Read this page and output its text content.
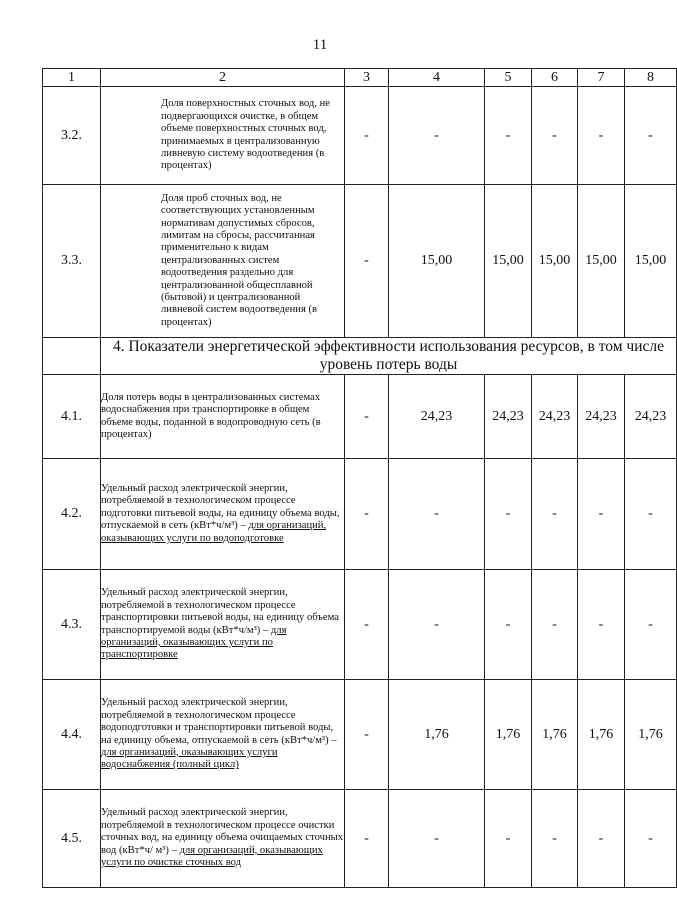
11
1	2	3	4	5	6	7	8
3.2.	Доля поверхностных сточных вод, не подвергающихся очистке, в общем объеме поверхностных сточных вод, принимаемых в централизованную ливневую систему водоотведения (в процентах)	-	-	-	-	-	-
3.3.	Доля проб сточных вод, не соответствующих установленным нормативам допустимых сбросов, лимитам на сбросы, рассчитанная применительно к видам централизованных систем водоотведения раздельно для централизованной общесплавной (бытовой) и централизованной ливневой систем водоотведения (в процентах)	-	15,00	15,00	15,00	15,00	15,00
	4. Показатели энергетической эффективности использования ресурсов, в том числе уровень потерь воды						
4.1.	Доля потерь воды в централизованных системах водоснабжения при транспортировке в общем объеме воды, поданной в водопроводную сеть (в процентах)	-	24,23	24,23	24,23	24,23	24,23
4.2.	Удельный расход электрической энергии, потребляемой в технологическом процессе подготовки питьевой воды, на единицу объема воды, отпускаемой в сеть (кВт*ч/м³) – для организаций, оказывающих услуги по водоподготовке	-	-	-	-	-	-
4.3.	Удельный расход электрической энергии, потребляемой в технологическом процессе транспортировки питьевой воды, на единицу объема транспортируемой воды (кВт*ч/м³) – для организаций, оказывающих услуги по транспортировке	-	-	-	-	-	-
4.4.	Удельный расход электрической энергии, потребляемой в технологическом процессе водоподготовки и транспортировки питьевой воды, на единицу объема, отпускаемой в сеть (кВт*ч/м³) – для организаций, оказывающих услуги водоснабжения (полный цикл)	-	1,76	1,76	1,76	1,76	1,76
4.5.	Удельный расход электрической энергии, потребляемой в технологическом процессе очистки сточных вод, на единицу объема очищаемых сточных вод (кВт*ч/ м³) – для организаций, оказывающих услуги по очистке сточных вод	-	-	-	-	-	-
